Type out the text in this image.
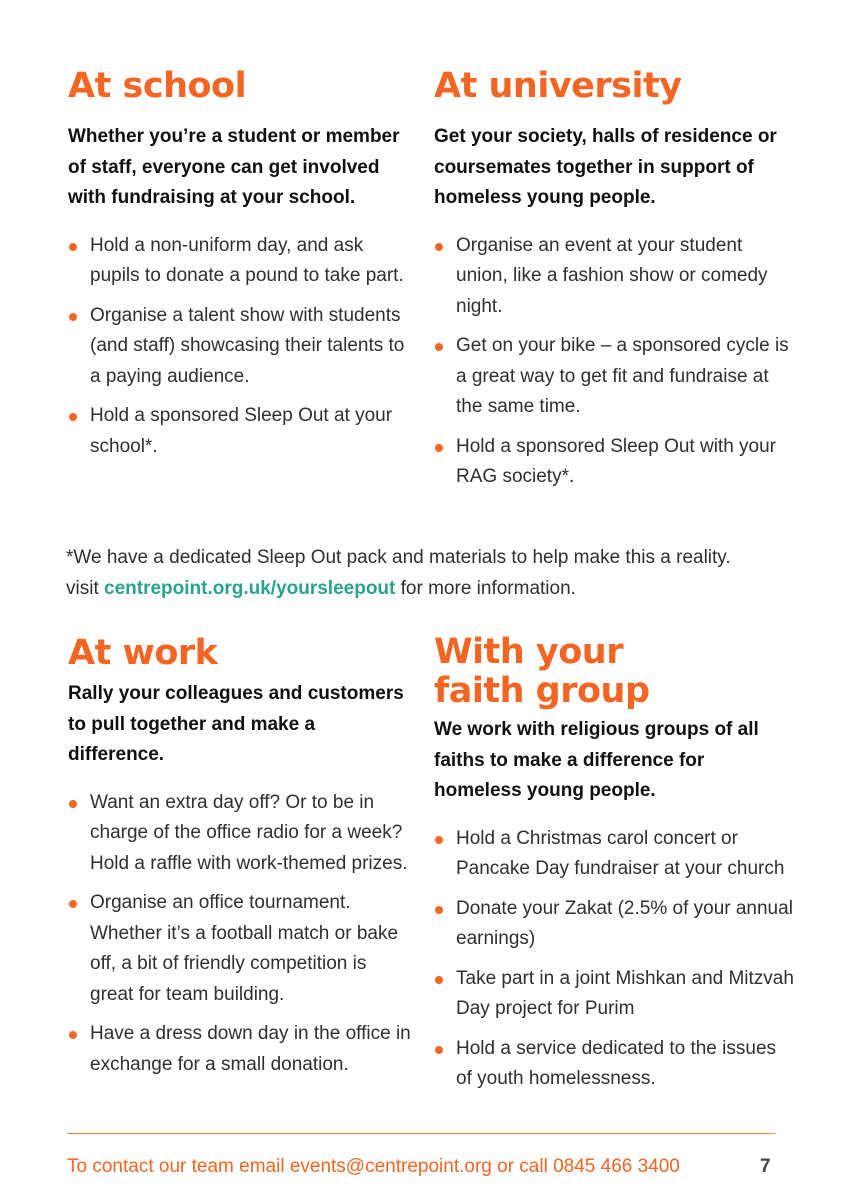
At school

Whether you’re a student or member of staff, everyone can get involved with fundraising at your school.

Hold a non-uniform day, and ask pupils to donate a pound to take part.
Organise a talent show with students (and staff) showcasing their talents to a paying audience.
Hold a sponsored Sleep Out at your school*.
At university

Get your society, halls of residence or coursemates together in support of homeless young people.

Organise an event at your student union, like a fashion show or comedy night.
Get on your bike – a sponsored cycle is a great way to get fit and fundraise at the same time.
Hold a sponsored Sleep Out with your RAG society*.
*We have a dedicated Sleep Out pack and materials to help make this a reality.
visit centrepoint.org.uk/yoursleepout for more information.
At work

Rally your colleagues and customers to pull together and make a difference.

Want an extra day off? Or to be in charge of the office radio for a week? Hold a raffle with work-themed prizes.
Organise an office tournament. Whether it’s a football match or bake off, a bit of friendly competition is great for team building.
Have a dress down day in the office in exchange for a small donation.
With your
faith group

We work with religious groups of all faiths to make a difference for homeless young people.

Hold a Christmas carol concert or Pancake Day fundraiser at your church
Donate your Zakat (2.5% of your annual earnings)
Take part in a joint Mishkan and Mitzvah Day project for Purim
Hold a service dedicated to the issues of youth homelessness.
To contact our team email events@centrepoint.org or call 0845 466 3400	7
